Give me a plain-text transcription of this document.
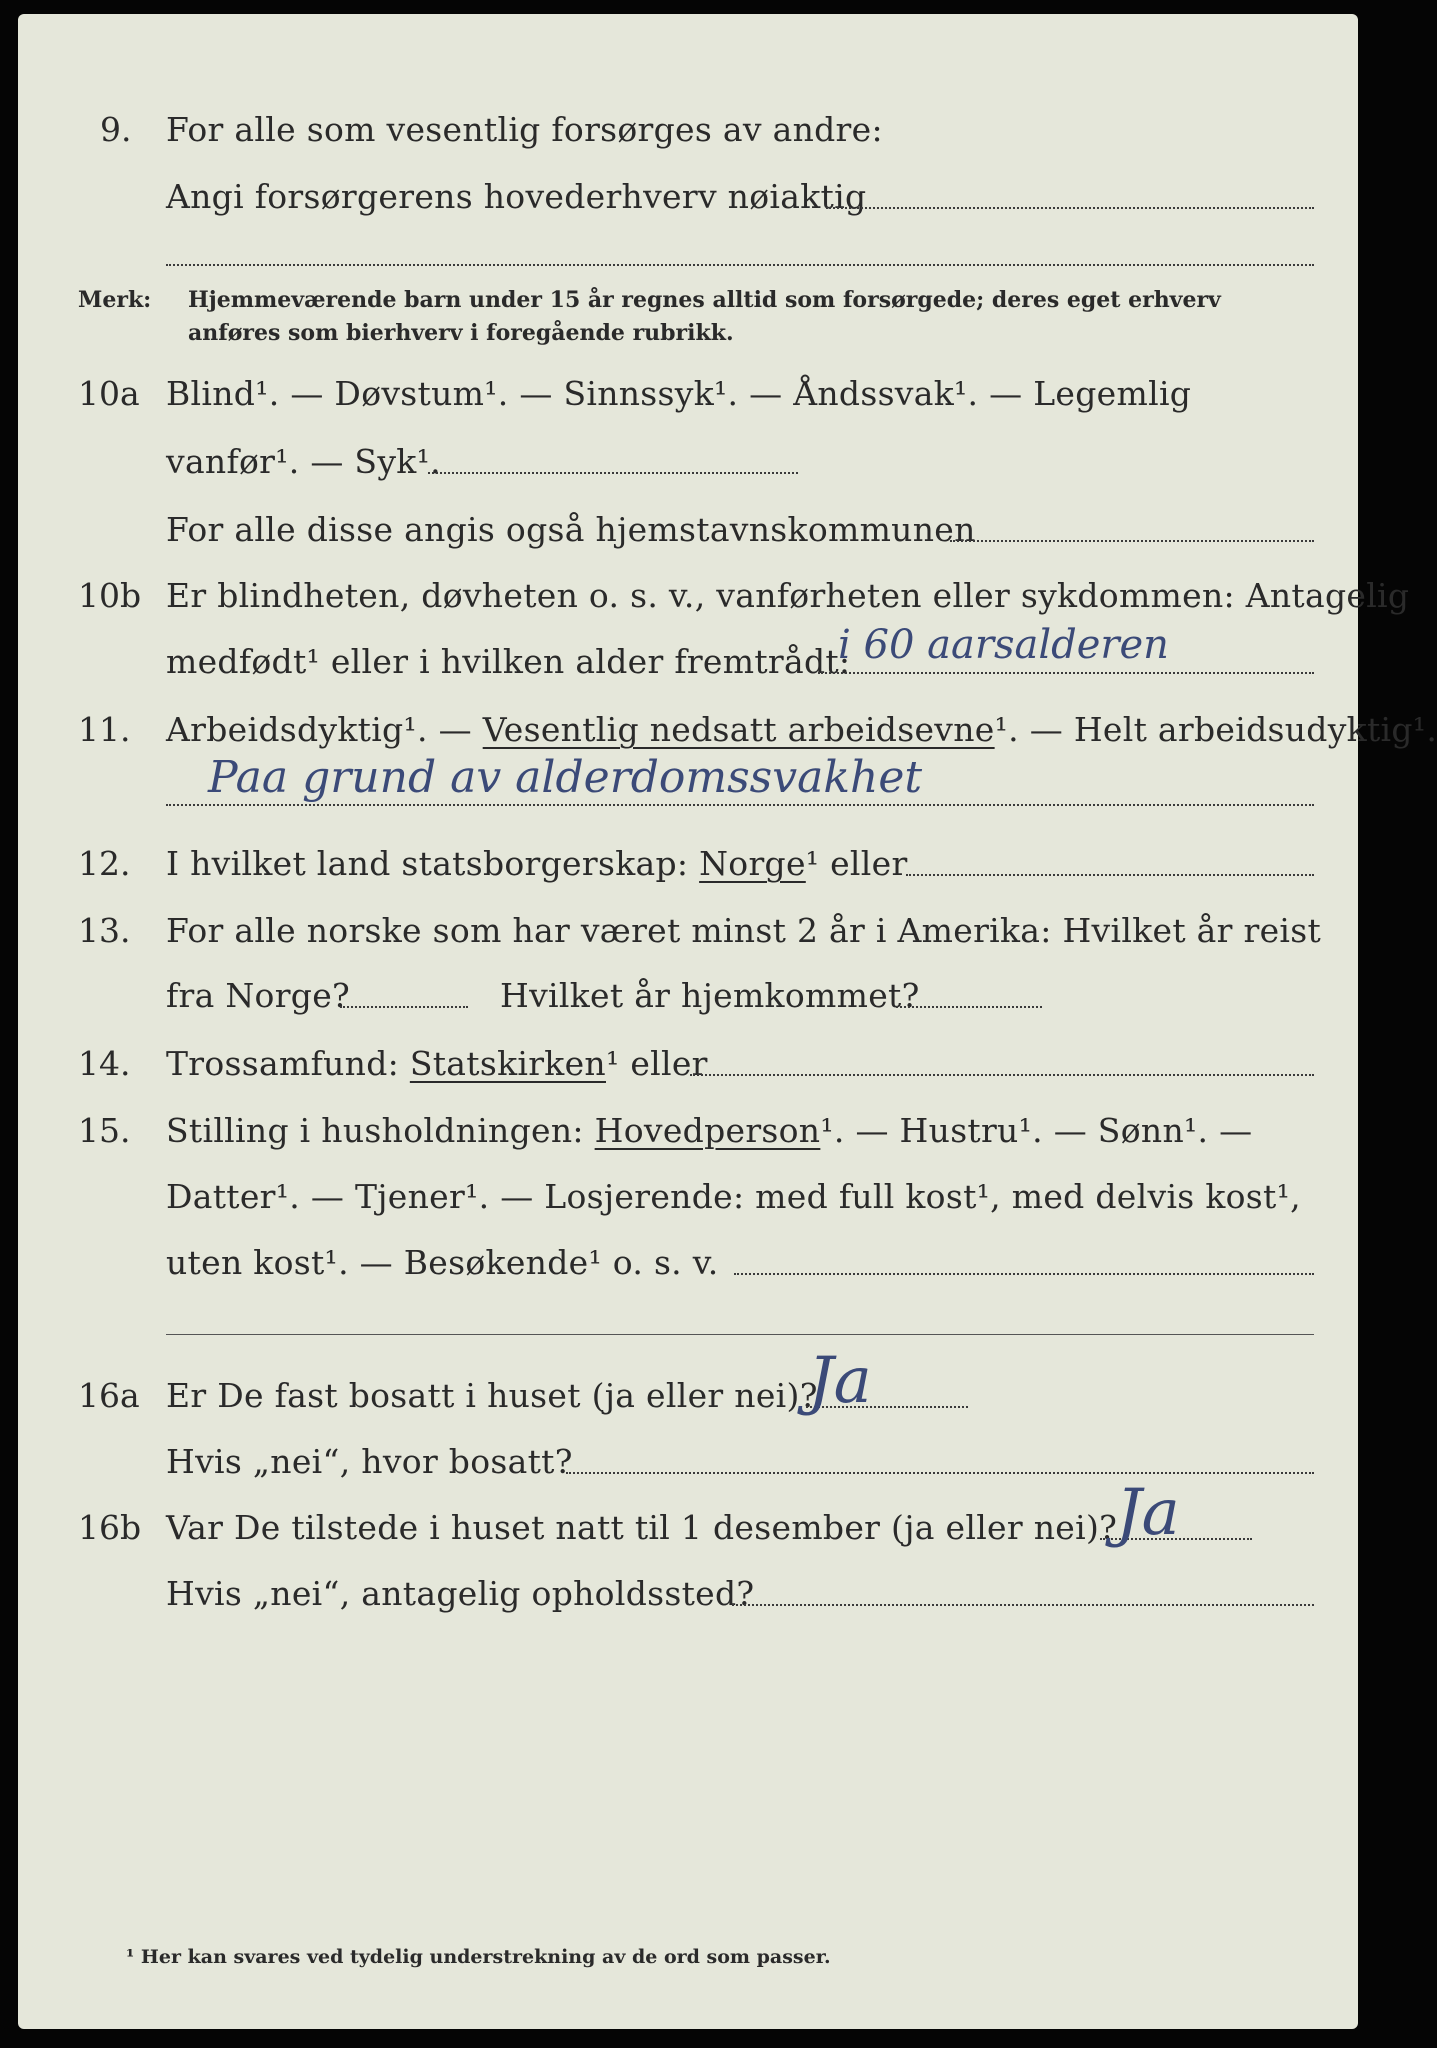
9. For alle som vesentlig forsørges av andre:
Angi forsørgerens hovederhverv nøiaktig
Merk: Hjemmeværende barn under 15 år regnes alltid som forsørgede; deres eget erhverv
anføres som bierhverv i foregående rubrikk.
10a Blind¹. — Døvstum¹. — Sinnssyk¹. — Åndssvak¹. — Legemlig
vanfør¹. — Syk¹.
For alle disse angis også hjemstavnskommunen
10b Er blindheten, døvheten o. s. v., vanførheten eller sykdommen: Antagelig
medfødt¹ eller i hvilken alder fremtrådt:
i 60 aarsalderen
11. Arbeidsdyktig¹. — Vesentlig nedsatt arbeidsevne¹. — Helt arbeidsudyktig¹.
Paa grund av alderdomssvakhet
12. I hvilket land statsborgerskap: Norge¹ eller
13. For alle norske som har været minst 2 år i Amerika: Hvilket år reist
fra Norge?	Hvilket år hjemkommet?
14. Trossamfund: Statskirken¹ eller
15. Stilling i husholdningen: Hovedperson¹. — Hustru¹. — Sønn¹. —
Datter¹. — Tjener¹. — Losjerende: med full kost¹, med delvis kost¹,
uten kost¹. — Besøkende¹ o. s. v.
16a Er De fast bosatt i huset (ja eller nei)?
Ja
Hvis „nei“, hvor bosatt?
16b Var De tilstede i huset natt til 1 desember (ja eller nei)?
Ja
Hvis „nei“, antagelig opholdssted?
¹ Her kan svares ved tydelig understrekning av de ord som passer.
